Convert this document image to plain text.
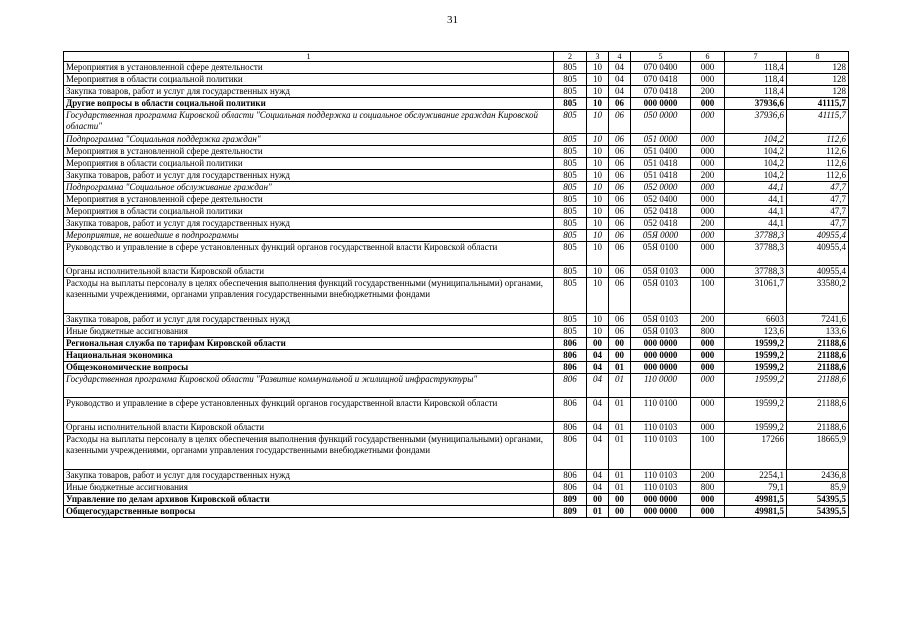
31
1	2	3	4	5	6	7	8
Мероприятия в установленной сфере деятельности	805	10	04	070 0400	000	118,4	128
Мероприятия в области социальной политики	805	10	04	070 0418	000	118,4	128
Закупка товаров, работ и услуг для государственных нужд	805	10	04	070 0418	200	118,4	128
Другие вопросы в области социальной политики	805	10	06	000 0000	000	37936,6	41115,7
Государственная программа Кировской области "Социальная поддержка и социальное обслуживание граждан Кировской области"	805	10	06	050 0000	000	37936,6	41115,7
Подпрограмма "Социальная поддержка граждан"	805	10	06	051 0000	000	104,2	112,6
Мероприятия в установленной сфере деятельности	805	10	06	051 0400	000	104,2	112,6
Мероприятия в области социальной политики	805	10	06	051 0418	000	104,2	112,6
Закупка товаров, работ и услуг для государственных нужд	805	10	06	051 0418	200	104,2	112,6
Подпрограмма "Социальное обслуживание граждан"	805	10	06	052 0000	000	44,1	47,7
Мероприятия в установленной сфере деятельности	805	10	06	052 0400	000	44,1	47,7
Мероприятия в области социальной политики	805	10	06	052 0418	000	44,1	47,7
Закупка товаров, работ и услуг для государственных нужд	805	10	06	052 0418	200	44,1	47,7
Мероприятия, не вошедшие в подпрограммы	805	10	06	05Я 0000	000	37788,3	40955,4
Руководство и управление в сфере установленных функций органов государственной власти Кировской области	805	10	06	05Я 0100	000	37788,3	40955,4
Органы исполнительной власти Кировской области	805	10	06	05Я 0103	000	37788,3	40955,4
Расходы на выплаты персоналу в целях обеспечения выполнения функций государственными (муниципальными) органами, казенными учреждениями, органами управления государственными внебюджетными фондами	805	10	06	05Я 0103	100	31061,7	33580,2
Закупка товаров, работ и услуг для государственных нужд	805	10	06	05Я 0103	200	6603	7241,6
Иные бюджетные ассигнования	805	10	06	05Я 0103	800	123,6	133,6
Региональная служба по тарифам Кировской области	806	00	00	000 0000	000	19599,2	21188,6
Национальная экономика	806	04	00	000 0000	000	19599,2	21188,6
Общеэкономические вопросы	806	04	01	000 0000	000	19599,2	21188,6
Государственная программа Кировской области "Развитие коммунальной и жилищной инфраструктуры"	806	04	01	110 0000	000	19599,2	21188,6
Руководство и управление в сфере установленных функций органов государственной власти Кировской области	806	04	01	110 0100	000	19599,2	21188,6
Органы исполнительной власти Кировской области	806	04	01	110 0103	000	19599,2	21188,6
Расходы на выплаты персоналу в целях обеспечения выполнения функций государственными (муниципальными) органами, казенными учреждениями, органами управления государственными внебюджетными фондами	806	04	01	110 0103	100	17266	18665,9
Закупка товаров, работ и услуг для государственных нужд	806	04	01	110 0103	200	2254,1	2436,8
Иные бюджетные ассигнования	806	04	01	110 0103	800	79,1	85,9
Управление по делам архивов Кировской области	809	00	00	000 0000	000	49981,5	54395,5
Общегосударственные вопросы	809	01	00	000 0000	000	49981,5	54395,5
